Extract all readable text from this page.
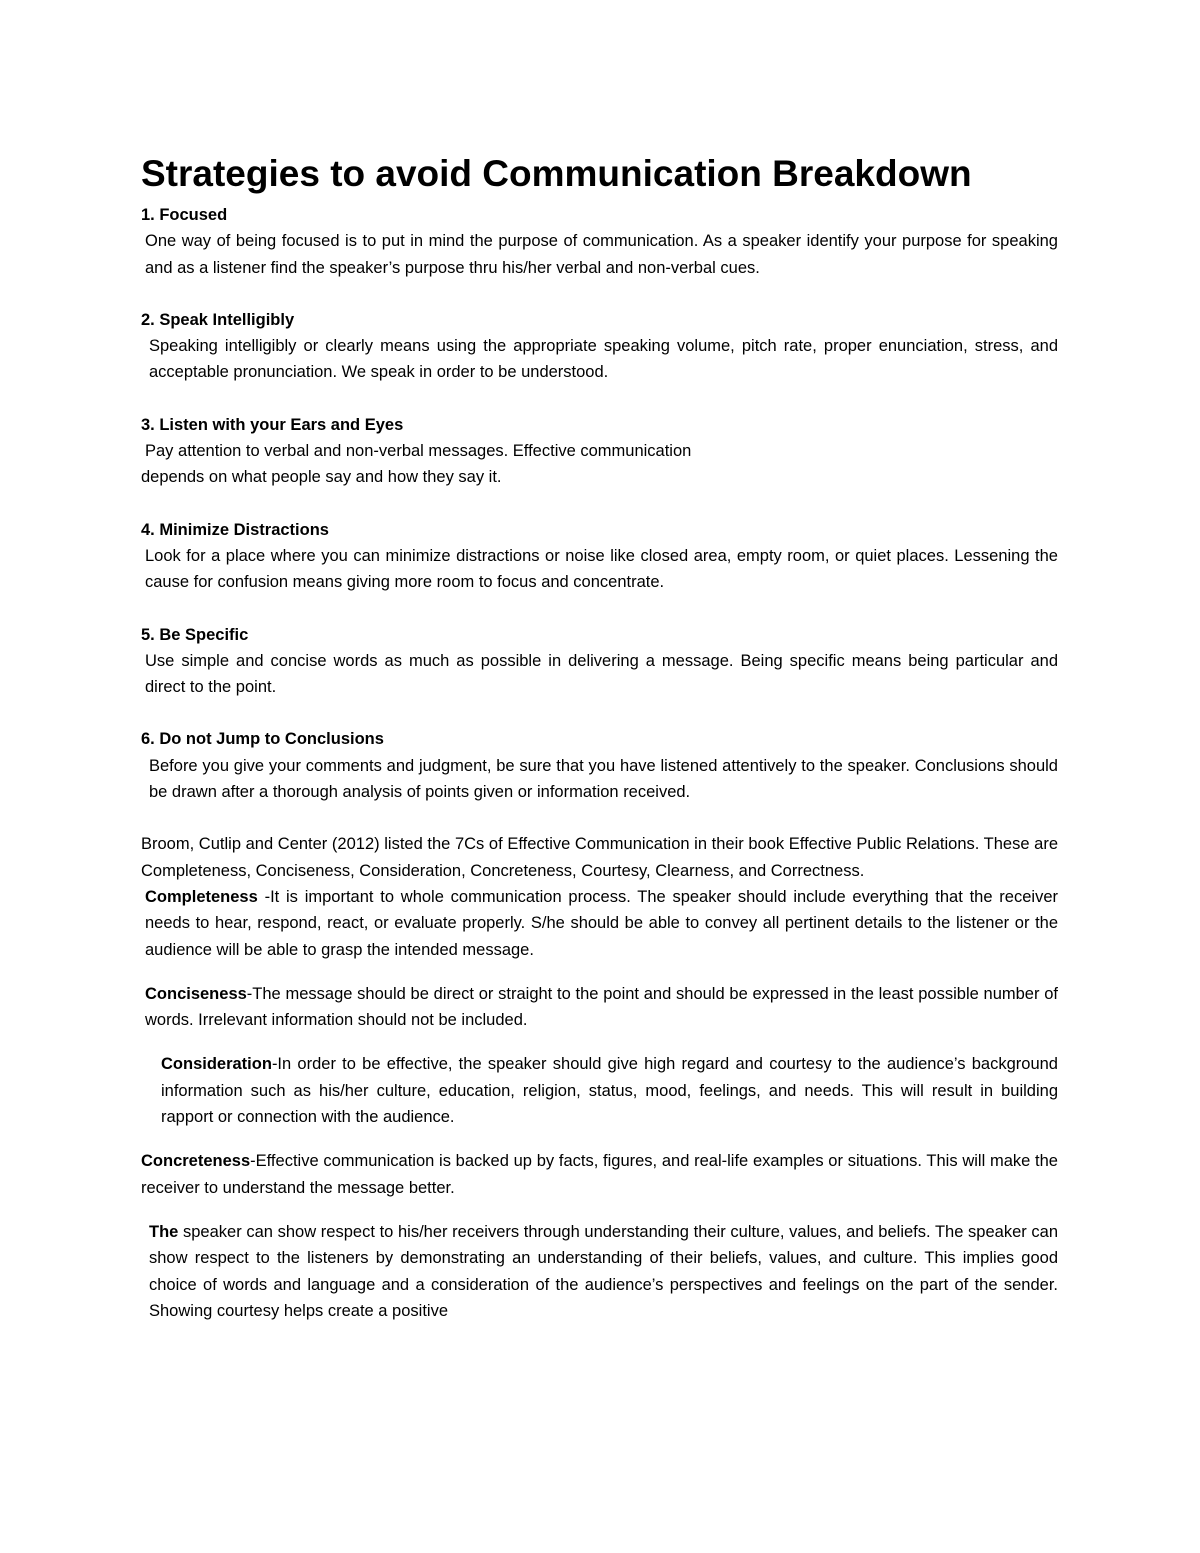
Strategies to avoid Communication Breakdown

1. Focused

One way of being focused is to put in mind the purpose of communication. As a speaker identify your purpose for speaking and as a listener find the speaker’s purpose thru his/her verbal and non-verbal cues.

2. Speak Intelligibly

Speaking intelligibly or clearly means using the appropriate speaking volume, pitch rate, proper enunciation, stress, and acceptable pronunciation. We speak in order to be understood.

3. Listen with your Ears and Eyes

Pay attention to verbal and non-verbal messages. Effective communication

depends on what people say and how they say it.

4. Minimize Distractions

Look for a place where you can minimize distractions or noise like closed area, empty room, or quiet places. Lessening the cause for confusion means giving more room to focus and concentrate.

5. Be Specific

Use simple and concise words as much as possible in delivering a message. Being specific means being particular and direct to the point.

6. Do not Jump to Conclusions

Before you give your comments and judgment, be sure that you have listened attentively to the speaker. Conclusions should be drawn after a thorough analysis of points given or information received.

Broom, Cutlip and Center (2012) listed the 7Cs of Effective Communication in their book Effective Public Relations. These are Completeness, Conciseness, Consideration, Concreteness, Courtesy, Clearness, and Correctness.

Completeness -It is important to whole communication process. The speaker should include everything that the receiver needs to hear, respond, react, or evaluate properly. S/he should be able to convey all pertinent details to the listener or the audience will be able to grasp the intended message.

Conciseness-The message should be direct or straight to the point and should be expressed in the least possible number of words. Irrelevant information should not be included.

Consideration-In order to be effective, the speaker should give high regard and courtesy to the audience’s background information such as his/her culture, education, religion, status, mood, feelings, and needs. This will result in building rapport or connection with the audience.

Concreteness-Effective communication is backed up by facts, figures, and real-life examples or situations. This will make the receiver to understand the message better.

The speaker can show respect to his/her receivers through understanding their culture, values, and beliefs. The speaker can show respect to the listeners by demonstrating an understanding of their beliefs, values, and culture. This implies good choice of words and language and a consideration of the audience’s perspectives and feelings on the part of the sender. Showing courtesy helps create a positive
